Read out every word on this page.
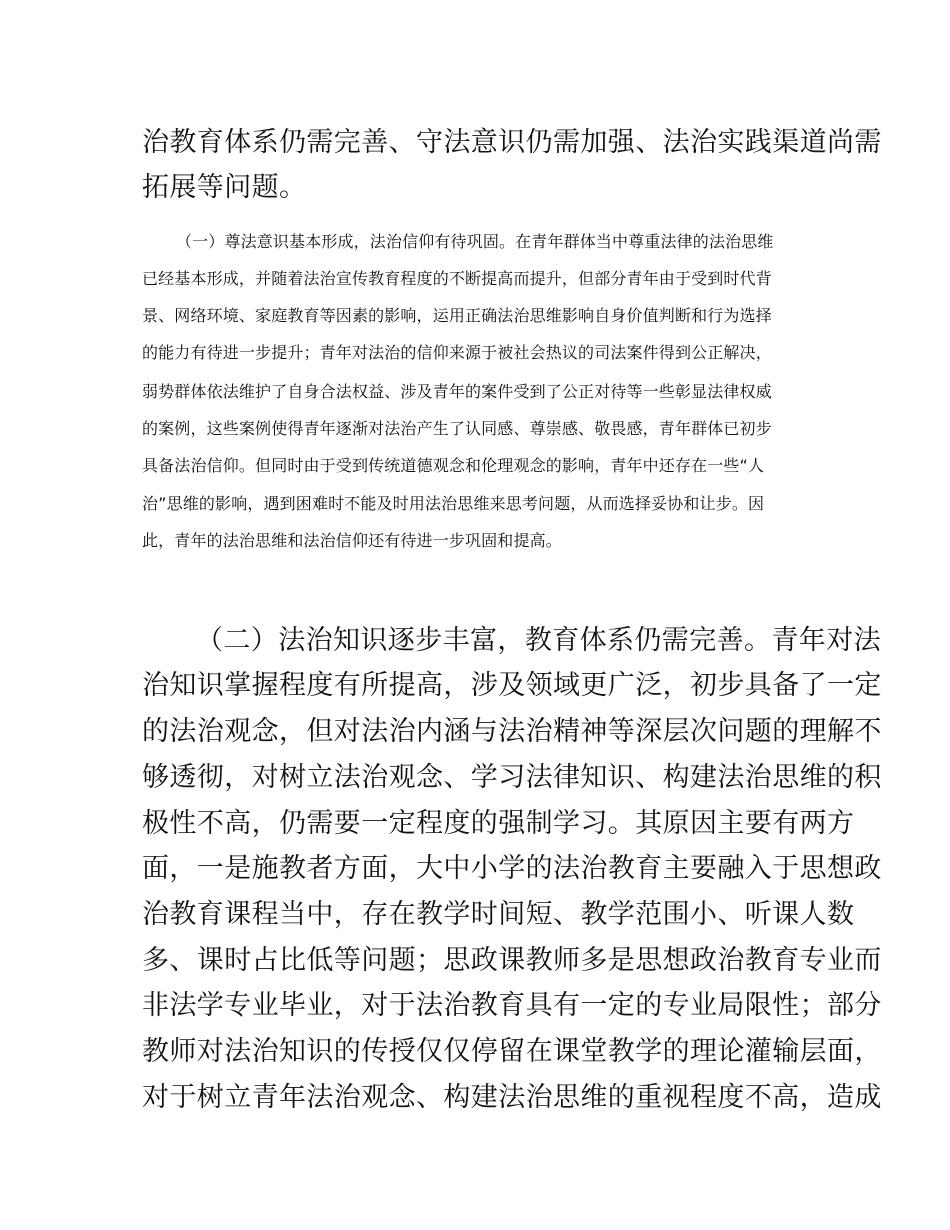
治教育体系仍需完善、守法意识仍需加强、法治实践渠道尚需

拓展等问题。

（一）尊法意识基本形成，法治信仰有待巩固。在青年群体当中尊重法律的法治思维

已经基本形成，并随着法治宣传教育程度的不断提高而提升，但部分青年由于受到时代背

景、网络环境、家庭教育等因素的影响，运用正确法治思维影响自身价值判断和行为选择

的能力有待进一步提升；青年对法治的信仰来源于被社会热议的司法案件得到公正解决，

弱势群体依法维护了自身合法权益、涉及青年的案件受到了公正对待等一些彰显法律权威

的案例，这些案例使得青年逐渐对法治产生了认同感、尊崇感、敬畏感，青年群体已初步

具备法治信仰。但同时由于受到传统道德观念和伦理观念的影响，青年中还存在一些“人

治”思维的影响，遇到困难时不能及时用法治思维来思考问题，从而选择妥协和让步。因

此，青年的法治思维和法治信仰还有待进一步巩固和提高。

（二）法治知识逐步丰富，教育体系仍需完善。青年对法

治知识掌握程度有所提高，涉及领域更广泛，初步具备了一定

的法治观念，但对法治内涵与法治精神等深层次问题的理解不

够透彻，对树立法治观念、学习法律知识、构建法治思维的积

极性不高，仍需要一定程度的强制学习。其原因主要有两方

面，一是施教者方面，大中小学的法治教育主要融入于思想政

治教育课程当中，存在教学时间短、教学范围小、听课人数

多、课时占比低等问题；思政课教师多是思想政治教育专业而

非法学专业毕业，对于法治教育具有一定的专业局限性；部分

教师对法治知识的传授仅仅停留在课堂教学的理论灌输层面，

对于树立青年法治观念、构建法治思维的重视程度不高，造成
